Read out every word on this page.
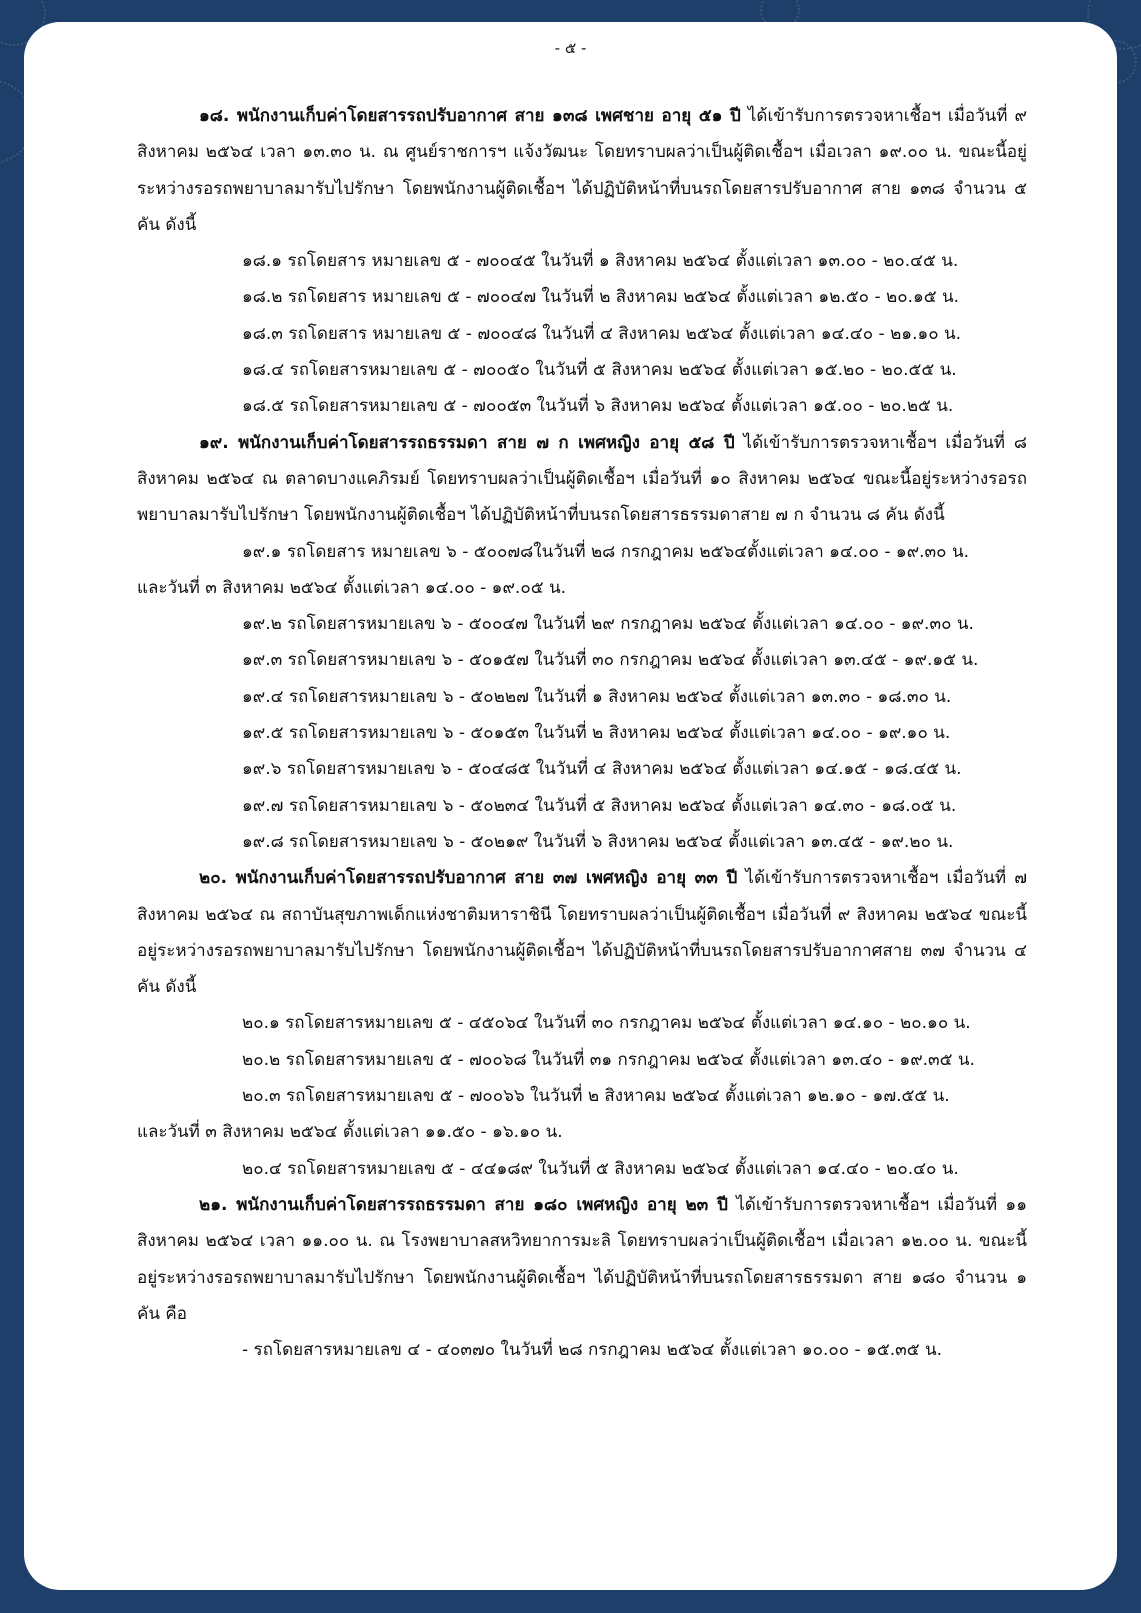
- ๕ -

๑๘. พนักงานเก็บค่าโดยสารรถปรับอากาศ สาย ๑๓๘ เพศชาย อายุ ๕๑ ปี ได้เข้ารับการตรวจหาเชื้อฯ เมื่อวันที่ ๙ สิงหาคม ๒๕๖๔ เวลา ๑๓.๓๐ น. ณ ศูนย์ราชการฯ แจ้งวัฒนะ โดยทราบผลว่าเป็นผู้ติดเชื้อฯ เมื่อเวลา ๑๙.๐๐ น. ขณะนี้อยู่ระหว่างรอรถพยาบาลมารับไปรักษา โดยพนักงานผู้ติดเชื้อฯ ได้ปฏิบัติหน้าที่บนรถโดยสารปรับอากาศ สาย ๑๓๘ จำนวน ๕ คัน ดังนี้

๑๘.๑ รถโดยสาร หมายเลข ๕ - ๗๐๐๔๕ ในวันที่ ๑ สิงหาคม ๒๕๖๔ ตั้งแต่เวลา ๑๓.๐๐ - ๒๐.๔๕ น.
๑๘.๒ รถโดยสาร หมายเลข ๕ - ๗๐๐๔๗ ในวันที่ ๒ สิงหาคม ๒๕๖๔ ตั้งแต่เวลา ๑๒.๕๐ - ๒๐.๑๕ น.
๑๘.๓ รถโดยสาร หมายเลข ๕ - ๗๐๐๔๘ ในวันที่ ๔ สิงหาคม ๒๕๖๔ ตั้งแต่เวลา ๑๔.๔๐ - ๒๑.๑๐ น.
๑๘.๔ รถโดยสารหมายเลข ๕ - ๗๐๐๕๐ ในวันที่ ๕ สิงหาคม ๒๕๖๔ ตั้งแต่เวลา ๑๕.๒๐ - ๒๐.๕๕ น.
๑๘.๕ รถโดยสารหมายเลข ๕ - ๗๐๐๕๓ ในวันที่ ๖ สิงหาคม ๒๕๖๔ ตั้งแต่เวลา ๑๕.๐๐ - ๒๐.๒๕ น.

๑๙. พนักงานเก็บค่าโดยสารรถธรรมดา สาย ๗ ก เพศหญิง อายุ ๕๘ ปี ได้เข้ารับการตรวจหาเชื้อฯ เมื่อวันที่ ๘ สิงหาคม ๒๕๖๔ ณ ตลาดบางแคภิรมย์ โดยทราบผลว่าเป็นผู้ติดเชื้อฯ เมื่อวันที่ ๑๐ สิงหาคม ๒๕๖๔ ขณะนี้อยู่ระหว่างรอรถพยาบาลมารับไปรักษา โดยพนักงานผู้ติดเชื้อฯ ได้ปฏิบัติหน้าที่บนรถโดยสารธรรมดาสาย ๗ ก จำนวน ๘ คัน ดังนี้

๑๙.๑ รถโดยสาร หมายเลข ๖ - ๕๐๐๗๘ในวันที่ ๒๘ กรกฎาคม ๒๕๖๔ตั้งแต่เวลา ๑๔.๐๐ - ๑๙.๓๐ น.
และวันที่ ๓ สิงหาคม ๒๕๖๔ ตั้งแต่เวลา ๑๔.๐๐ - ๑๙.๐๕ น.
๑๙.๒ รถโดยสารหมายเลข ๖ - ๕๐๐๔๗ ในวันที่ ๒๙ กรกฎาคม ๒๕๖๔ ตั้งแต่เวลา ๑๔.๐๐ - ๑๙.๓๐ น.
๑๙.๓ รถโดยสารหมายเลข ๖ - ๕๐๑๕๗ ในวันที่ ๓๐ กรกฎาคม ๒๕๖๔ ตั้งแต่เวลา ๑๓.๔๕ - ๑๙.๑๕ น.
๑๙.๔ รถโดยสารหมายเลข ๖ - ๕๐๒๒๗ ในวันที่ ๑ สิงหาคม ๒๕๖๔ ตั้งแต่เวลา ๑๓.๓๐ - ๑๘.๓๐ น.
๑๙.๕ รถโดยสารหมายเลข ๖ - ๕๐๑๕๓ ในวันที่ ๒ สิงหาคม ๒๕๖๔ ตั้งแต่เวลา ๑๔.๐๐ - ๑๙.๑๐ น.
๑๙.๖ รถโดยสารหมายเลข ๖ - ๕๐๔๘๕ ในวันที่ ๔ สิงหาคม ๒๕๖๔ ตั้งแต่เวลา ๑๔.๑๕ - ๑๘.๔๕ น.
๑๙.๗ รถโดยสารหมายเลข ๖ - ๕๐๒๓๔ ในวันที่ ๕ สิงหาคม ๒๕๖๔ ตั้งแต่เวลา ๑๔.๓๐ - ๑๘.๐๕ น.
๑๙.๘ รถโดยสารหมายเลข ๖ - ๕๐๒๑๙ ในวันที่ ๖ สิงหาคม ๒๕๖๔ ตั้งแต่เวลา ๑๓.๔๕ - ๑๙.๒๐ น.

๒๐. พนักงานเก็บค่าโดยสารรถปรับอากาศ สาย ๓๗ เพศหญิง อายุ ๓๓ ปี ได้เข้ารับการตรวจหาเชื้อฯ เมื่อวันที่ ๗ สิงหาคม ๒๕๖๔ ณ สถาบันสุขภาพเด็กแห่งชาติมหาราชินี โดยทราบผลว่าเป็นผู้ติดเชื้อฯ เมื่อวันที่ ๙ สิงหาคม ๒๕๖๔ ขณะนี้อยู่ระหว่างรอรถพยาบาลมารับไปรักษา โดยพนักงานผู้ติดเชื้อฯ ได้ปฏิบัติหน้าที่บนรถโดยสารปรับอากาศสาย ๓๗ จำนวน ๔ คัน ดังนี้

๒๐.๑ รถโดยสารหมายเลข ๕ - ๔๕๐๖๔ ในวันที่ ๓๐ กรกฎาคม ๒๕๖๔ ตั้งแต่เวลา ๑๔.๑๐ - ๒๐.๑๐ น.
๒๐.๒ รถโดยสารหมายเลข ๕ - ๗๐๐๖๘ ในวันที่ ๓๑ กรกฎาคม ๒๕๖๔ ตั้งแต่เวลา ๑๓.๔๐ - ๑๙.๓๕ น.
๒๐.๓ รถโดยสารหมายเลข ๕ - ๗๐๐๖๖ ในวันที่ ๒ สิงหาคม ๒๕๖๔ ตั้งแต่เวลา ๑๒.๑๐ - ๑๗.๕๕ น.
และวันที่ ๓ สิงหาคม ๒๕๖๔ ตั้งแต่เวลา ๑๑.๕๐ - ๑๖.๑๐ น.
๒๐.๔ รถโดยสารหมายเลข ๕ - ๔๔๑๘๙ ในวันที่ ๕ สิงหาคม ๒๕๖๔ ตั้งแต่เวลา ๑๔.๔๐ - ๒๐.๔๐ น.

๒๑. พนักงานเก็บค่าโดยสารรถธรรมดา สาย ๑๘๐ เพศหญิง อายุ ๒๓ ปี ได้เข้ารับการตรวจหาเชื้อฯ เมื่อวันที่ ๑๑ สิงหาคม ๒๕๖๔ เวลา ๑๑.๐๐ น. ณ โรงพยาบาลสหวิทยาการมะลิ โดยทราบผลว่าเป็นผู้ติดเชื้อฯ เมื่อเวลา ๑๒.๐๐ น. ขณะนี้อยู่ระหว่างรอรถพยาบาลมารับไปรักษา โดยพนักงานผู้ติดเชื้อฯ ได้ปฏิบัติหน้าที่บนรถโดยสารธรรมดา สาย ๑๘๐ จำนวน ๑ คัน คือ

- รถโดยสารหมายเลข ๔ - ๔๐๓๗๐ ในวันที่ ๒๘ กรกฎาคม ๒๕๖๔ ตั้งแต่เวลา ๑๐.๐๐ - ๑๕.๓๕ น.
